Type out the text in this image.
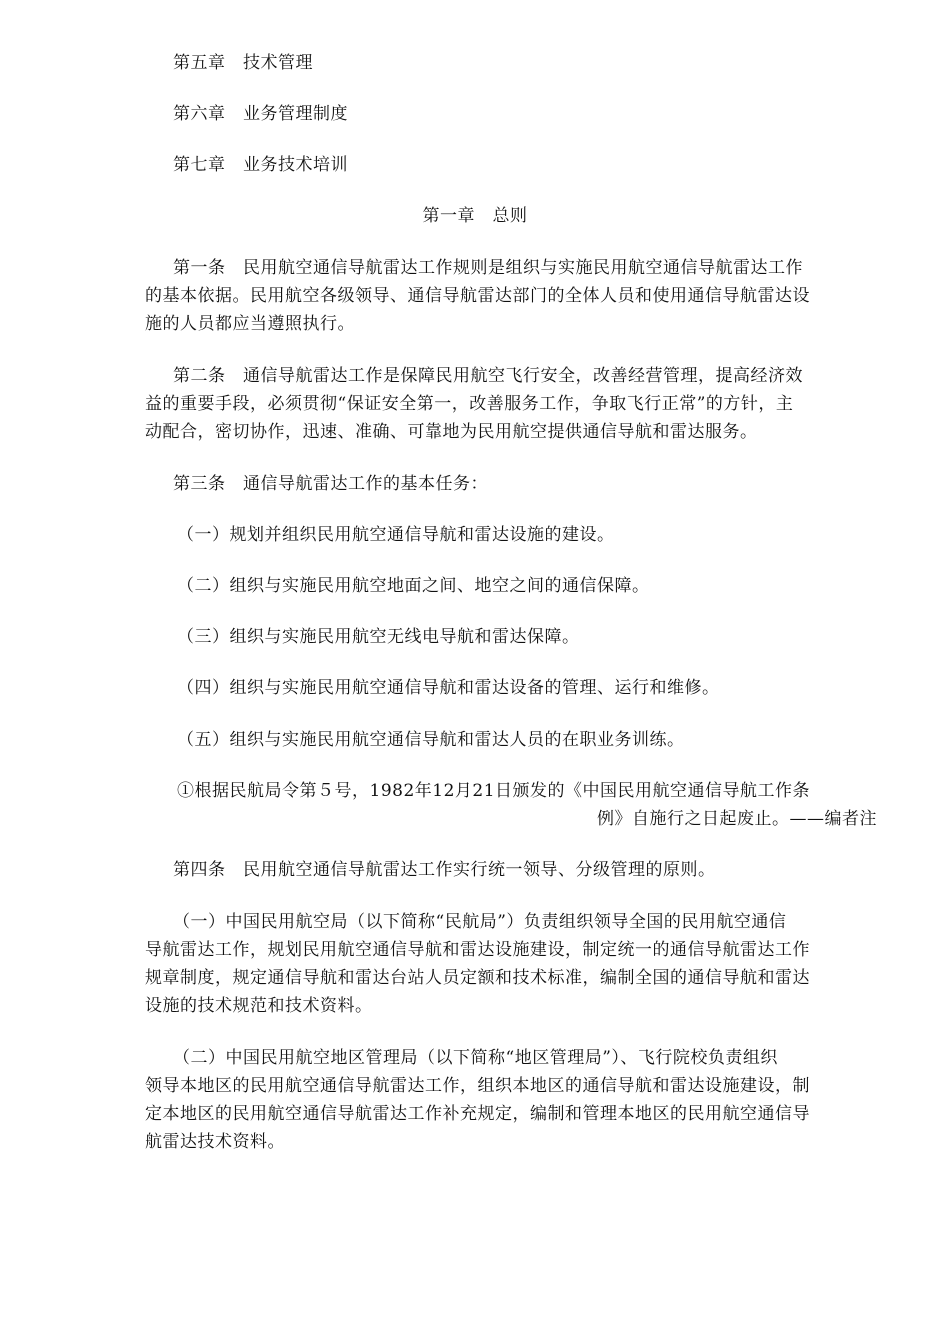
第五章　技术管理
第六章　业务管理制度
第七章　业务技术培训
第一章　总则
第一条　民用航空通信导航雷达工作规则是组织与实施民用航空通信导航雷达工作
的基本依据。民用航空各级领导、通信导航雷达部门的全体人员和使用通信导航雷达设
施的人员都应当遵照执行。
第二条　通信导航雷达工作是保障民用航空飞行安全，改善经营管理，提高经济效
益的重要手段，必须贯彻“保证安全第一，改善服务工作，争取飞行正常”的方针，主
动配合，密切协作，迅速、准确、可靠地为民用航空提供通信导航和雷达服务。
第三条　通信导航雷达工作的基本任务：
（一）规划并组织民用航空通信导航和雷达设施的建设。
（二）组织与实施民用航空地面之间、地空之间的通信保障。
（三）组织与实施民用航空无线电导航和雷达保障。
（四）组织与实施民用航空通信导航和雷达设备的管理、运行和维修。
（五）组织与实施民用航空通信导航和雷达人员的在职业务训练。
①根据民航局令第５号，1982年12月21日颁发的《中国民用航空通信导航工作条
例》自施行之日起废止。——编者注
第四条　民用航空通信导航雷达工作实行统一领导、分级管理的原则。
（一）中国民用航空局（以下简称“民航局”）负责组织领导全国的民用航空通信
导航雷达工作，规划民用航空通信导航和雷达设施建设，制定统一的通信导航雷达工作
规章制度，规定通信导航和雷达台站人员定额和技术标准，编制全国的通信导航和雷达
设施的技术规范和技术资料。
（二）中国民用航空地区管理局（以下简称“地区管理局”）、飞行院校负责组织
领导本地区的民用航空通信导航雷达工作，组织本地区的通信导航和雷达设施建设，制
定本地区的民用航空通信导航雷达工作补充规定，编制和管理本地区的民用航空通信导
航雷达技术资料。
